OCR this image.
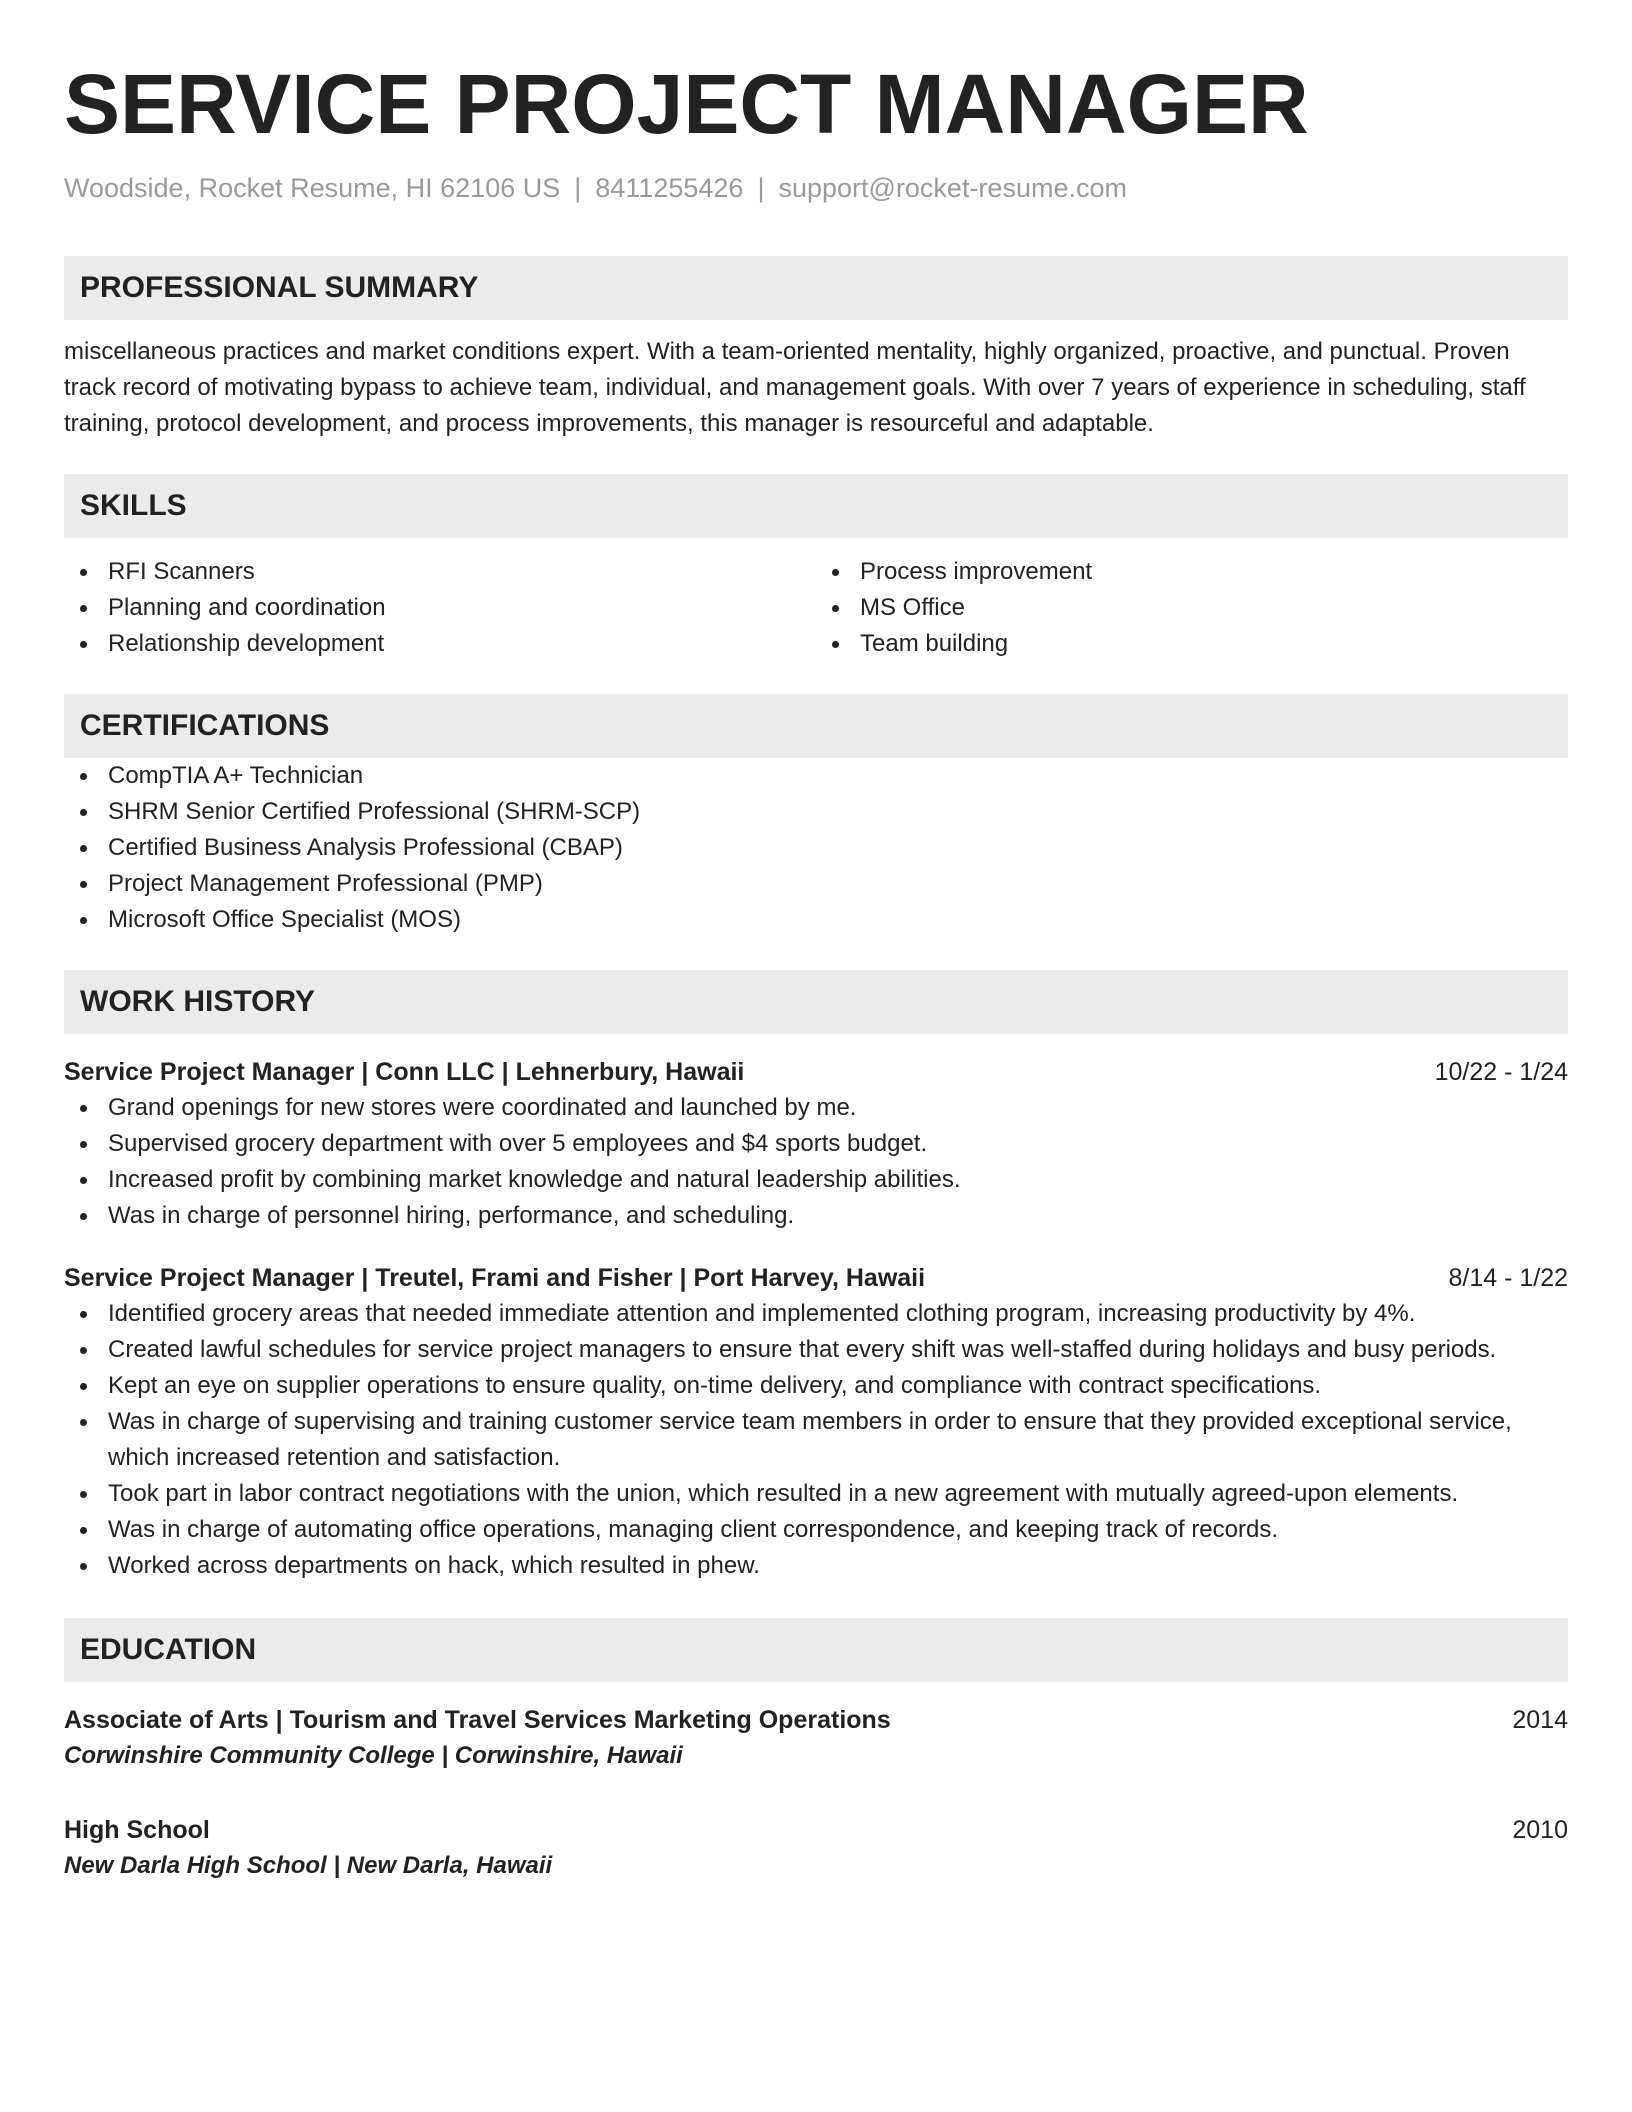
SERVICE PROJECT MANAGER
Woodside, Rocket Resume, HI 62106 US | 8411255426 | support@rocket-resume.com
PROFESSIONAL SUMMARY
miscellaneous practices and market conditions expert. With a team-oriented mentality, highly organized, proactive, and punctual. Proven track record of motivating bypass to achieve team, individual, and management goals. With over 7 years of experience in scheduling, staff training, protocol development, and process improvements, this manager is resourceful and adaptable.
SKILLS
RFI Scanners
Planning and coordination
Relationship development
Process improvement
MS Office
Team building
CERTIFICATIONS
CompTIA A+ Technician
SHRM Senior Certified Professional (SHRM-SCP)
Certified Business Analysis Professional (CBAP)
Project Management Professional (PMP)
Microsoft Office Specialist (MOS)
WORK HISTORY
Service Project Manager | Conn LLC | Lehnerbury, Hawaii	10/22 - 1/24
Grand openings for new stores were coordinated and launched by me.
Supervised grocery department with over 5 employees and $4 sports budget.
Increased profit by combining market knowledge and natural leadership abilities.
Was in charge of personnel hiring, performance, and scheduling.
Service Project Manager | Treutel, Frami and Fisher | Port Harvey, Hawaii	8/14 - 1/22
Identified grocery areas that needed immediate attention and implemented clothing program, increasing productivity by 4%.
Created lawful schedules for service project managers to ensure that every shift was well-staffed during holidays and busy periods.
Kept an eye on supplier operations to ensure quality, on-time delivery, and compliance with contract specifications.
Was in charge of supervising and training customer service team members in order to ensure that they provided exceptional service, which increased retention and satisfaction.
Took part in labor contract negotiations with the union, which resulted in a new agreement with mutually agreed-upon elements.
Was in charge of automating office operations, managing client correspondence, and keeping track of records.
Worked across departments on hack, which resulted in phew.
EDUCATION
Associate of Arts | Tourism and Travel Services Marketing Operations	2014
Corwinshire Community College | Corwinshire, Hawaii
High School	2010
New Darla High School | New Darla, Hawaii
